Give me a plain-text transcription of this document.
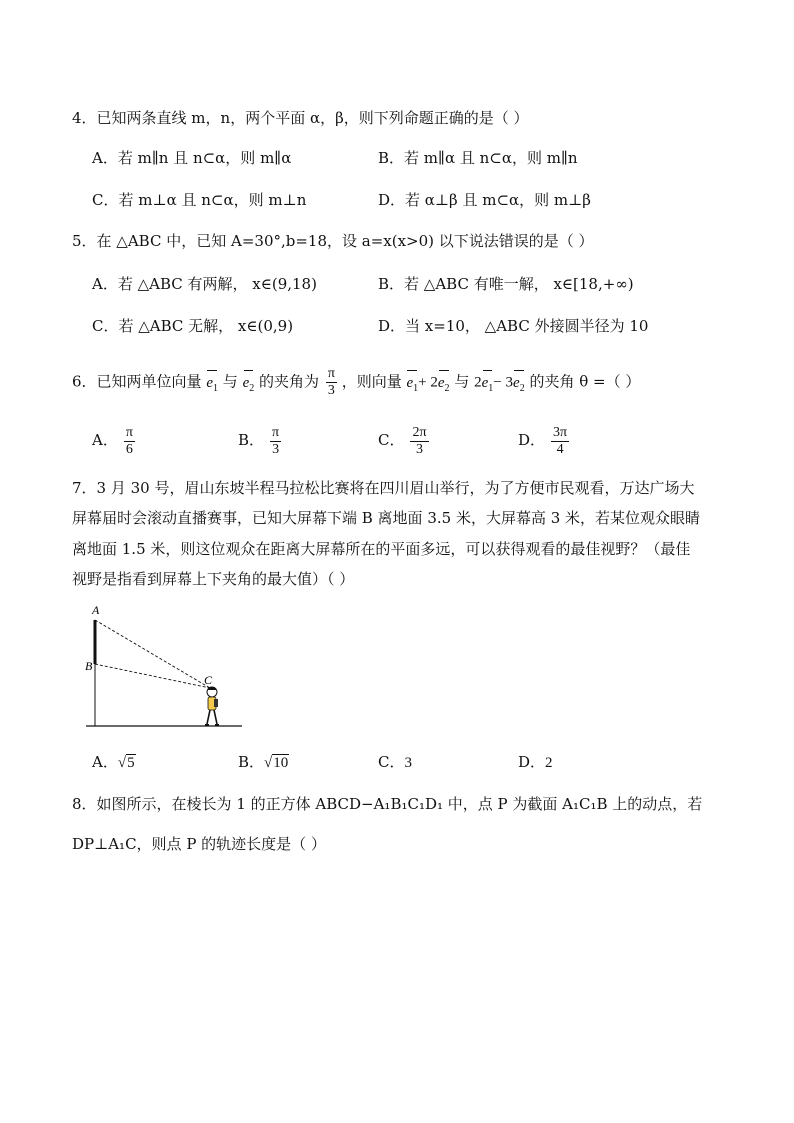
4．已知两条直线 m，n，两个平面 α，β，则下列命题正确的是（ ）
A．若 m∥n 且 n⊂α，则 m∥α	B．若 m∥α 且 n⊂α，则 m∥n
C．若 m⊥α 且 n⊂α，则 m⊥n	D．若 α⊥β 且 m⊂α，则 m⊥β
5．在 △ABC 中，已知 A=30°,b=18，设 a=x(x>0) 以下说法错误的是（ ）
A．若 △ABC 有两解， x∈(9,18)	B．若 △ABC 有唯一解， x∈[18,+∞)
C．若 △ABC 无解， x∈(0,9)	D．当 x=10， △ABC 外接圆半径为 10
6．已知两单位向量 $e_1$ 与 $e_2$ 的夹角为 $\frac{\pi}{3}$ ，则向量 $e_1+ 2e_2$ 与 $2e_1- 3e_2$ 的夹角 θ =（ ）
A． $\frac{\pi}{6}$	B． $\frac{\pi}{3}$	C． $\frac{2\pi}{3}$	D． $\frac{3\pi}{4}$
7．3 月 30 号，眉山东坡半程马拉松比赛将在四川眉山举行，为了方便市民观看，万达广场大
屏幕届时会滚动直播赛事，已知大屏幕下端 B 离地面 3.5 米，大屏幕高 3 米，若某位观众眼睛
离地面 1.5 米，则这位观众在距离大屏幕所在的平面多远，可以获得观看的最佳视野？（最佳
视野是指看到屏幕上下夹角的最大值）（ ）
A
B
C
A．√5	B．√10	C．3	D．2
8．如图所示，在棱长为 1 的正方体 ABCD−A₁B₁C₁D₁ 中，点 P 为截面 A₁C₁B 上的动点，若
DP⊥A₁C，则点 P 的轨迹长度是（ ）
